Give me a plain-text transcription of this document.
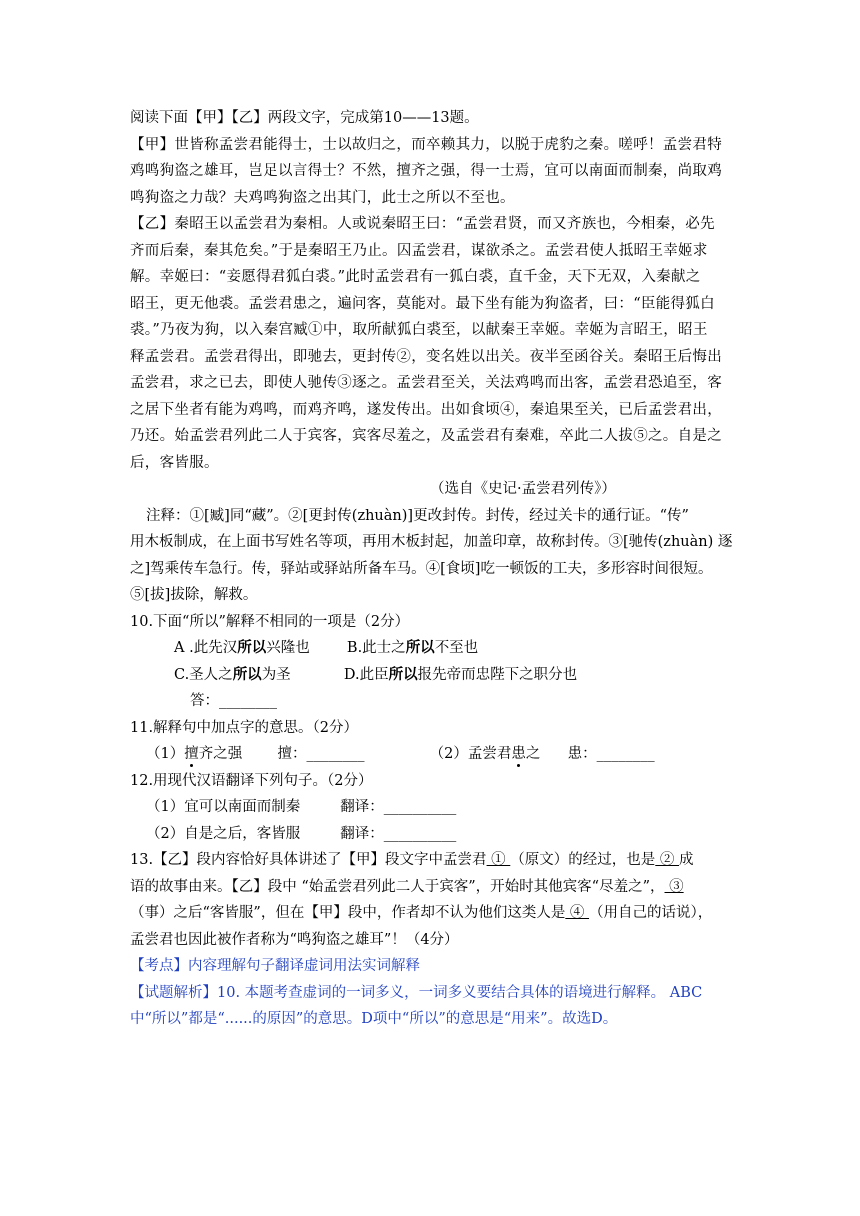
阅读下面【甲】【乙】两段文字，完成第10——13题。
【甲】世皆称孟尝君能得士，士以故归之，而卒赖其力，以脱于虎豹之秦。嗟呼！孟尝君特
鸡鸣狗盗之雄耳，岂足以言得士？不然，擅齐之强，得一士焉，宜可以南面而制秦，尚取鸡
鸣狗盗之力哉？夫鸡鸣狗盗之出其门，此士之所以不至也。
【乙】秦昭王以孟尝君为秦相。人或说秦昭王曰：“孟尝君贤，而又齐族也，今相秦，必先
齐而后秦，秦其危矣。”于是秦昭王乃止。囚孟尝君，谋欲杀之。孟尝君使人抵昭王幸姬求
解。幸姬曰：“妾愿得君狐白裘。”此时孟尝君有一狐白裘，直千金，天下无双，入秦献之
昭王，更无他裘。孟尝君患之，遍问客，莫能对。最下坐有能为狗盗者，曰：“臣能得狐白
裘。”乃夜为狗，以入秦宫臧①中，取所献狐白裘至，以献秦王幸姬。幸姬为言昭王，昭王
释孟尝君。孟尝君得出，即驰去，更封传②，变名姓以出关。夜半至函谷关。秦昭王后悔出
孟尝君，求之已去，即使人驰传③逐之。孟尝君至关，关法鸡鸣而出客，孟尝君恐追至，客
之居下坐者有能为鸡鸣，而鸡齐鸣，遂发传出。出如食顷④，秦追果至关，已后孟尝君出，
乃还。始孟尝君列此二人于宾客，宾客尽羞之，及孟尝君有秦难，卒此二人拔⑤之。自是之
后，客皆服。
（选自《史记·孟尝君列传》）
注释：①[臧]同“藏”。②[更封传(zhuàn)]更改封传。封传，经过关卡的通行证。“传”
用木板制成，在上面书写姓名等项，再用木板封起，加盖印章，故称封传。③[驰传(zhuàn) 逐
之]驾乘传车急行。传，驿站或驿站所备车马。④[食顷]吃一顿饭的工夫，多形容时间很短。
⑤[拔]拔除，解救。
10.下面“所以”解释不相同的一项是（2分）
A .此先汉所以兴隆也	B.此士之所以不至也
C.圣人之所以为圣	D.此臣所以报先帝而忠陛下之职分也
答：________
11.解释句中加点字的意思。（2分）
（1）擅齐之强 擅：________	（2）孟尝君患之 患：________
12.用现代汉语翻译下列句子。（2分）
（1）宜可以南面而制秦	翻译：__________
（2）自是之后，客皆服	翻译：__________
13.【乙】段内容恰好具体讲述了【甲】段文字中孟尝君 ① （原文）的经过，也是 ② 成
语的故事由来。【乙】段中 “始孟尝君列此二人于宾客”，开始时其他宾客“尽羞之”， ③
（事）之后“客皆服”，但在【甲】段中，作者却不认为他们这类人是 ④ （用自己的话说），
孟尝君也因此被作者称为“鸣狗盗之雄耳”！（4分）
【考点】内容理解句子翻译虚词用法实词解释
【试题解析】10. 本题考查虚词的一词多义，一词多义要结合具体的语境进行解释。 ABC
中“所以”都是“......的原因”的意思。D项中“所以”的意思是“用来”。故选D。
